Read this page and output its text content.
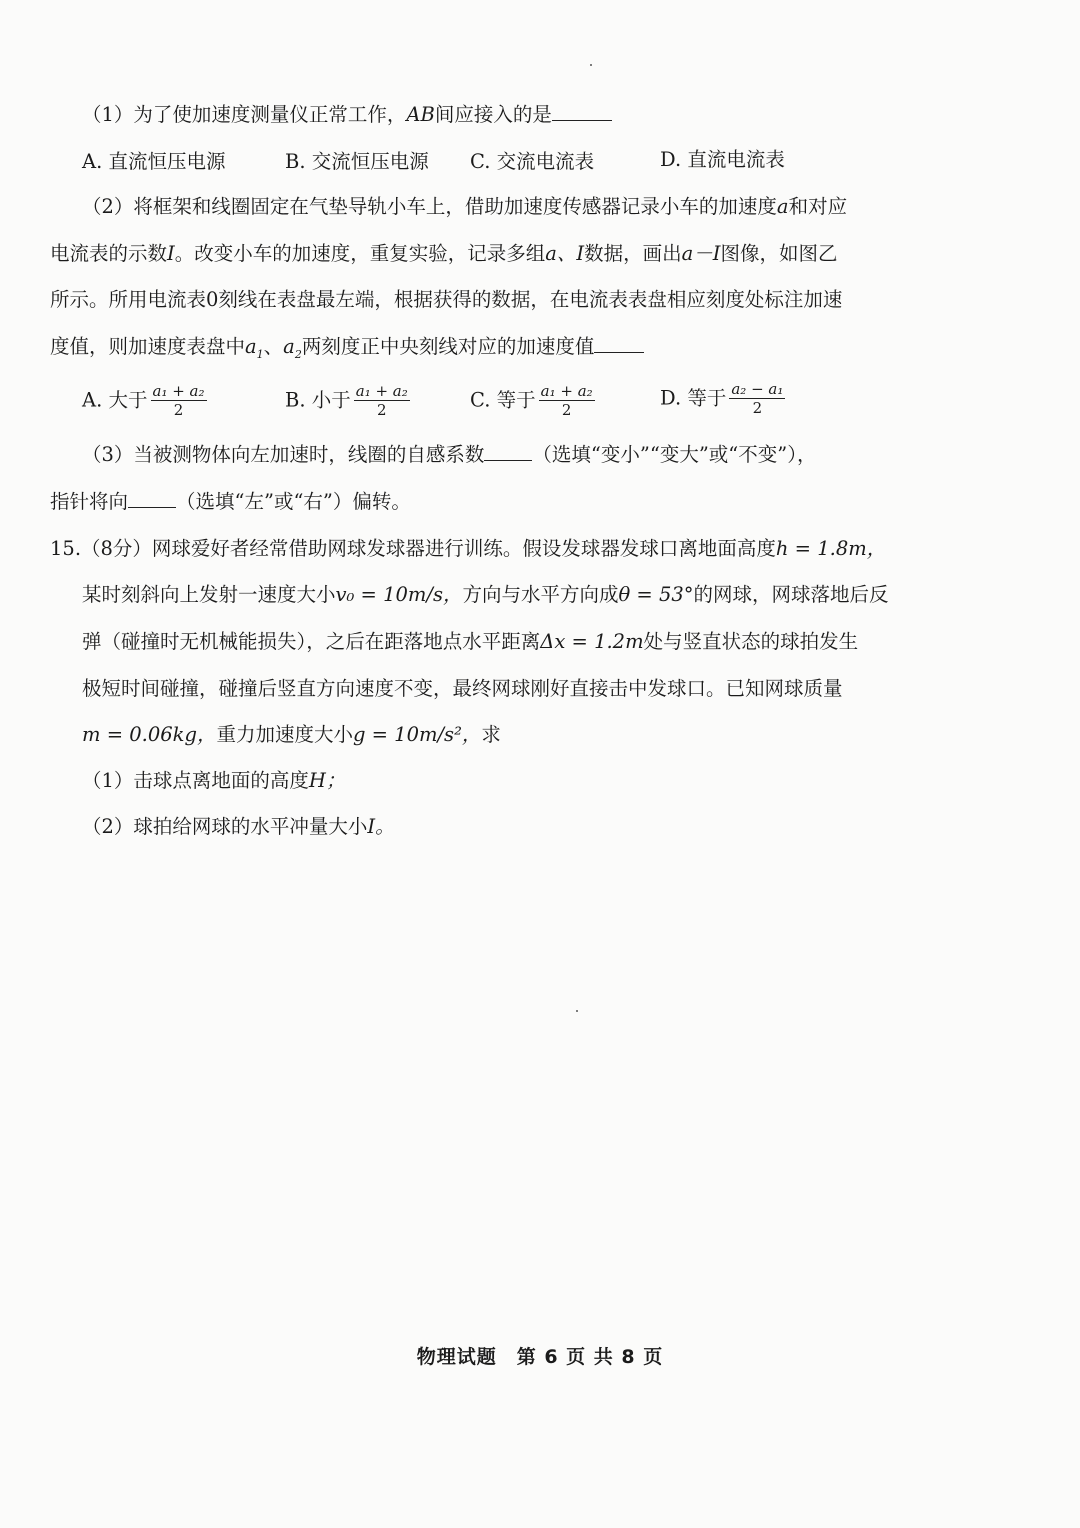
（1）为了使加速度测量仪正常工作，AB间应接入的是
A. 直流恒压电源	B. 交流恒压电源 C. 交流电流表	D. 直流电流表
（2）将框架和线圈固定在气垫导轨小车上，借助加速度传感器记录小车的加速度a和对应
电流表的示数I。改变小车的加速度，重复实验，记录多组a、I数据，画出a－I图像，如图乙
所示。所用电流表0刻线在表盘最左端，根据获得的数据，在电流表表盘相应刻度处标注加速
度值，则加速度表盘中$a_1$、$a_2$两刻度正中央刻线对应的加速度值
A. 大于 $\frac{\text{a₁ + a₂}}{2}$	B. 小于 $\frac{\text{a₁ + a₂}}{2}$	C. 等于 $\frac{\text{a₁ + a₂}}{2}$	D. 等于 $\frac{\text{a₂ − a₁}}{2}$
（3）当被测物体向左加速时，线圈的自感系数 （选填“变小”“变大”或“不变”），
指针将向 （选填“左”或“右”）偏转。
15.（8分）网球爱好者经常借助网球发球器进行训练。假设发球器发球口离地面高度h = 1.8m，
某时刻斜向上发射一速度大小v₀ = 10m/s，方向与水平方向成θ = 53°的网球，网球落地后反
弹（碰撞时无机械能损失），之后在距落地点水平距离Δx = 1.2m处与竖直状态的球拍发生
极短时间碰撞，碰撞后竖直方向速度不变，最终网球刚好直接击中发球口。已知网球质量
m = 0.06kg，重力加速度大小g = 10m/s²，求
（1）击球点离地面的高度H；
（2）球拍给网球的水平冲量大小I。
物理试题　第 6 页 共 8 页
